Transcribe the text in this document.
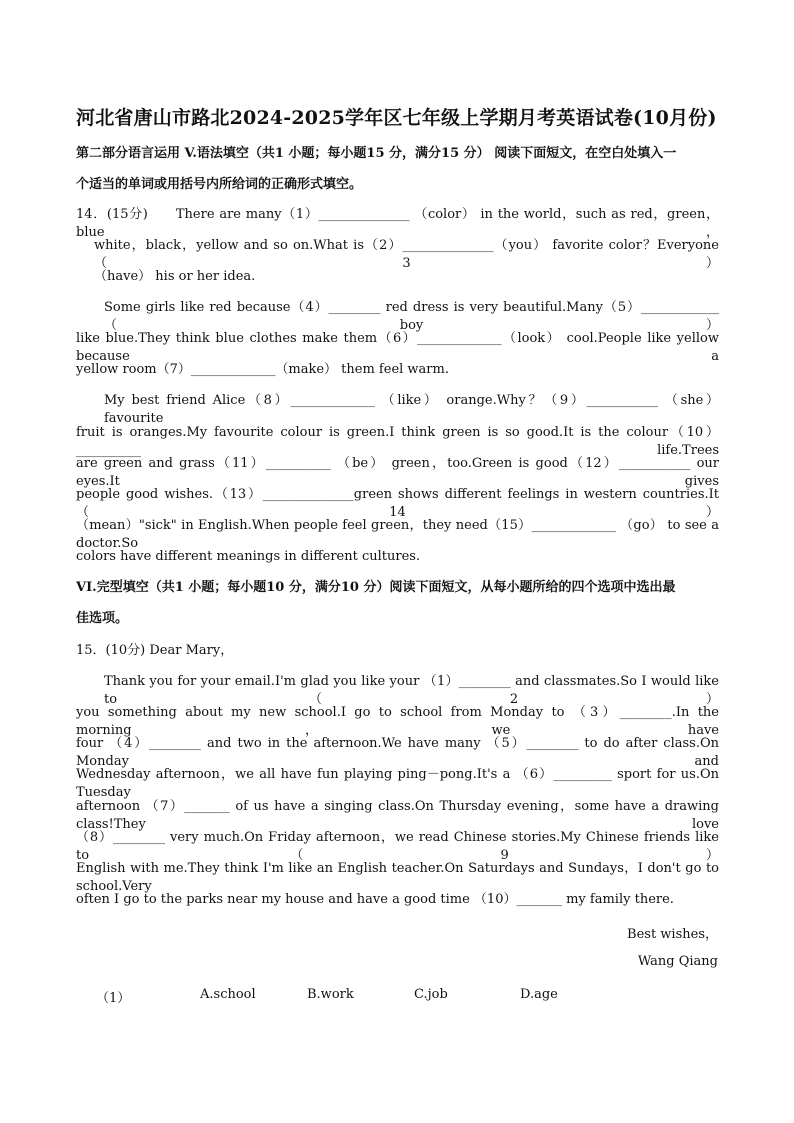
河北省唐山市路北2024-2025学年区七年级上学期月考英语试卷(10月份)
第二部分语言运用 V.语法填空（共1 小题；每小题15 分，满分15 分） 阅读下面短文，在空白处填入一
个适当的单词或用括号内所给词的正确形式填空。
14．(15分)　　There are many（1）______________ （color） in the world，such as red，green，blue，
white，black，yellow and so on.What is（2）______________（you） favorite color？Everyone（3）
（have） his or her idea.
Some girls like red because（4）________ red dress is very beautiful.Many（5）____________ （boy）
like blue.They think blue clothes make them（6）_____________（look） cool.People like yellow because a
yellow room（7）_____________（make） them feel warm.
My best friend Alice（8）_____________ （like） orange.Why？（9）___________ （she） favourite
fruit is oranges.My favourite colour is green.I think green is so good.It is the colour（10）__________ life.Trees
are green and grass（11）__________ （be） green，too.Green is good（12）___________ our eyes.It gives
people good wishes.（13）______________green shows different feelings in western countries.It（14）
（mean）"sick" in English.When people feel green，they need（15）_____________ （go） to see a doctor.So
colors have different meanings in different cultures.
VI.完型填空（共1 小题；每小题10 分，满分10 分）阅读下面短文，从每小题所给的四个选项中选出最
佳选项。
15．(10分) Dear Mary，
Thank you for your email.I'm glad you like your （1）________ and classmates.So I would like to （2）
you something about my new school.I go to school from Monday to （3）________.In the morning，we have
four （4）________ and two in the afternoon.We have many （5）________ to do after class.On Monday and
Wednesday afternoon，we all have fun playing ping－pong.It's a （6）_________ sport for us.On Tuesday
afternoon （7）_______ of us have a singing class.On Thursday evening，some have a drawing class!They love
（8）________ very much.On Friday afternoon，we read Chinese stories.My Chinese friends like to （9）
English with me.They think I'm like an English teacher.On Saturdays and Sundays，I don't go to school.Very
often I go to the parks near my house and have a good time （10）_______ my family there.
Best wishes，
Wang Qiang
（1）	A.school	B.work	C.job	D.age
